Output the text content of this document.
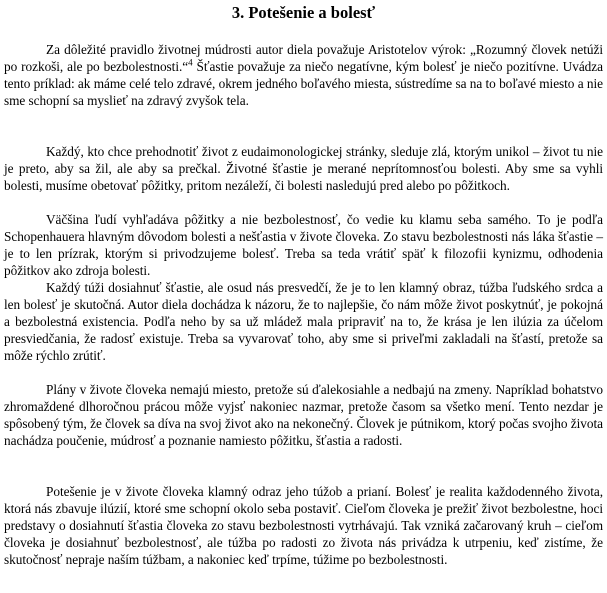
3. Potešenie a bolesť

Za dôležité pravidlo životnej múdrosti autor diela považuje Aristotelov výrok: „Rozumný človek netúži po rozkoši, ale po bezbolestnosti.“$^4$ Šťastie považuje za niečo negatívne, kým bolesť je niečo pozitívne. Uvádza tento príklad: ak máme celé telo zdravé, okrem jedného boľavého miesta, sústredíme sa na to boľavé miesto a nie sme schopní sa myslieť na zdravý zvyšok tela.

Každý, kto chce prehodnotiť život z eudaimonologickej stránky, sleduje zlá, ktorým unikol – život tu nie je preto, aby sa žil, ale aby sa prečkal. Životné šťastie je merané neprítomnosťou bolesti. Aby sme sa vyhli bolesti, musíme obetovať pôžitky, pritom nezáleží, či bolesti nasledujú pred alebo po pôžitkoch.

Väčšina ľudí vyhľadáva pôžitky a nie bezbolestnosť, čo vedie ku klamu seba samého. To je podľa Schopenhauera hlavným dôvodom bolesti a nešťastia v živote človeka. Zo stavu bezbolestnosti nás láka šťastie – je to len prízrak, ktorým si privodzujeme bolesť. Treba sa teda vrátiť späť k filozofii kynizmu, odhodenia pôžitkov ako zdroja bolesti.

Každý túži dosiahnuť šťastie, ale osud nás presvedčí, že je to len klamný obraz, túžba ľudského srdca a len bolesť je skutočná. Autor diela dochádza k názoru, že to najlepšie, čo nám môže život poskytnúť, je pokojná a bezbolestná existencia. Podľa neho by sa už mládež mala pripraviť na to, že krása je len ilúzia za účelom presviedčania, že radosť existuje. Treba sa vyvarovať toho, aby sme si priveľmi zakladali na šťastí, pretože sa môže rýchlo zrútiť.

Plány v živote človeka nemajú miesto, pretože sú ďalekosiahle a nedbajú na zmeny. Napríklad bohatstvo zhromaždené dlhoročnou prácou môže vyjsť nakoniec nazmar, pretože časom sa všetko mení. Tento nezdar je spôsobený tým, že človek sa díva na svoj život ako na nekonečný. Človek je pútnikom, ktorý počas svojho života nachádza poučenie, múdrosť a poznanie namiesto pôžitku, šťastia a radosti.

Potešenie je v živote človeka klamný odraz jeho túžob a prianí. Bolesť je realita každodenného života, ktorá nás zbavuje ilúzií, ktoré sme schopní okolo seba postaviť. Cieľom človeka je prežiť život bezbolestne, hoci predstavy o dosiahnutí šťastia človeka zo stavu bezbolestnosti vytrhávajú. Tak vzniká začarovaný kruh – cieľom človeka je dosiahnuť bezbolestnosť, ale túžba po radosti zo života nás privádza k utrpeniu, keď zistíme, že skutočnosť nepraje naším túžbam, a nakoniec keď trpíme, túžime po bezbolestnosti.
